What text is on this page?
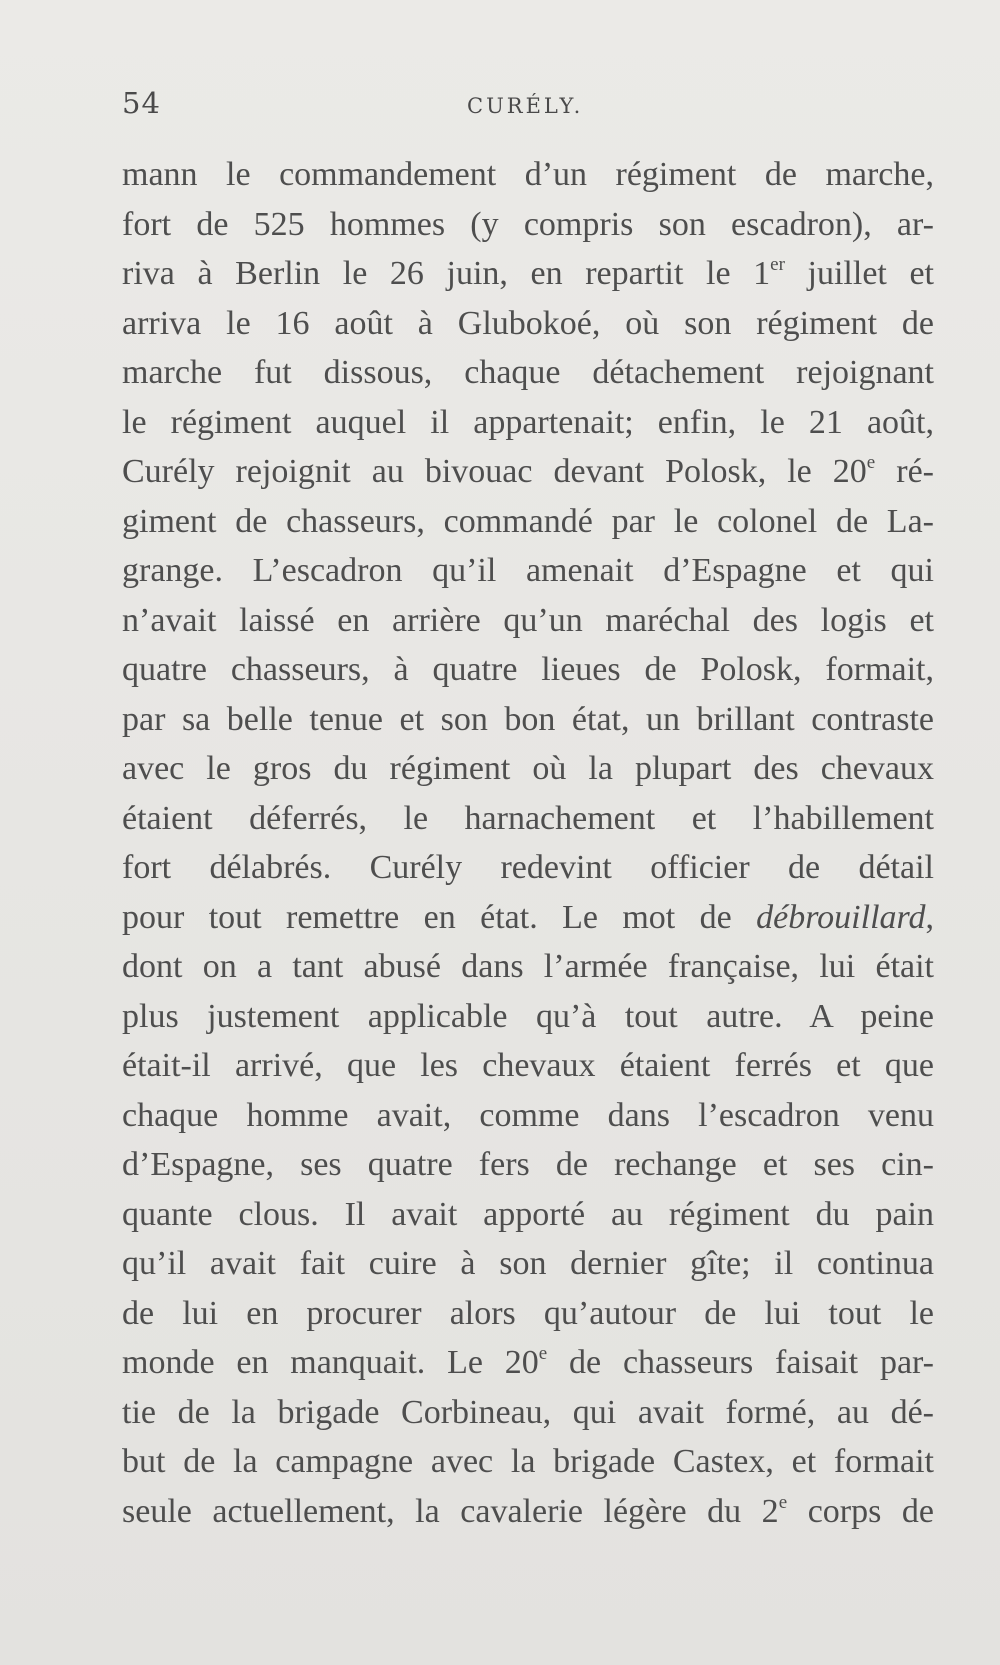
54	CURÉLY.
mann le commandement d’un régiment de marche,
fort de 525 hommes (y compris son escadron), ar-
riva à Berlin le 26 juin, en repartit le 1er juillet et
arriva le 16 août à Glubokoé, où son régiment de
marche fut dissous, chaque détachement rejoignant
le régiment auquel il appartenait; enfin, le 21 août,
Curély rejoignit au bivouac devant Polosk, le 20e ré-
giment de chasseurs, commandé par le colonel de La-
grange. L’escadron qu’il amenait d’Espagne et qui
n’avait laissé en arrière qu’un maréchal des logis et
quatre chasseurs, à quatre lieues de Polosk, formait,
par sa belle tenue et son bon état, un brillant contraste
avec le gros du régiment où la plupart des chevaux
étaient déferrés, le harnachement et l’habillement
fort délabrés. Curély redevint officier de détail
pour tout remettre en état. Le mot de débrouillard,
dont on a tant abusé dans l’armée française, lui était
plus justement applicable qu’à tout autre. A peine
était-il arrivé, que les chevaux étaient ferrés et que
chaque homme avait, comme dans l’escadron venu
d’Espagne, ses quatre fers de rechange et ses cin-
quante clous. Il avait apporté au régiment du pain
qu’il avait fait cuire à son dernier gîte; il continua
de lui en procurer alors qu’autour de lui tout le
monde en manquait. Le 20e de chasseurs faisait par-
tie de la brigade Corbineau, qui avait formé, au dé-
but de la campagne avec la brigade Castex, et formait
seule actuellement, la cavalerie légère du 2e corps de
